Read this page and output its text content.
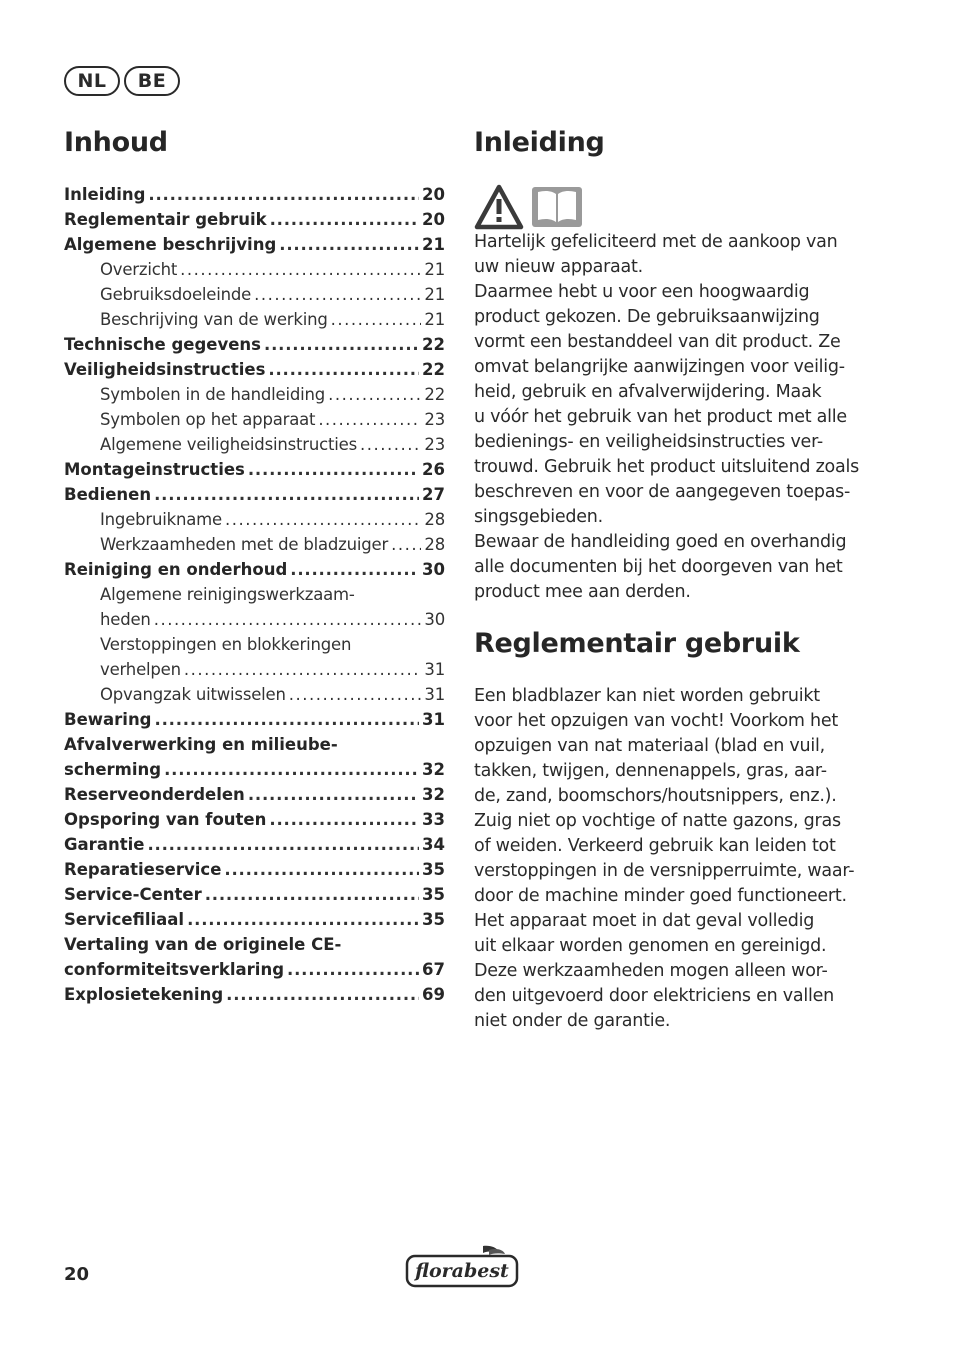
NL	BE
Inhoud
Inleiding .....	20
Reglementair gebruik .....	20
Algemene beschrijving .....	21
Overzicht .....	21
Gebruiksdoeleinde .....	21
Beschrijving van de werking .....	21
Technische gegevens .....	22
Veiligheidsinstructies .....	22
Symbolen in de handleiding .....	22
Symbolen op het apparaat .....	23
Algemene veiligheidsinstructies .....	23
Montageinstructies .....	26
Bedienen .....	27
Ingebruikname .....	28
Werkzaamheden met de bladzuiger ..... 28
Reiniging en onderhoud .....	30
Algemene reinigingswerkzaam-
heden .....	30
Verstoppingen en blokkeringen
verhelpen .....	31
Opvangzak uitwisselen .....	31
Bewaring .....	31
Afvalverwerking en milieube-
scherming .....	32
Reserveonderdelen .....	32
Opsporing van fouten .....	33
Garantie .....	34
Reparatieservice .....	35
Service-Center .....	35
Servicefiliaal .....	35
Vertaling van de originele CE-
conformiteitsverklaring .....	67
Explosietekening .....	69
Inleiding

Hartelijk gefeliciteerd met de aankoop van
uw nieuw apparaat.
Daarmee hebt u voor een hoogwaardig
product gekozen. De gebruiksaanwijzing
vormt een bestanddeel van dit product. Ze
omvat belangrijke aanwijzingen voor veilig-
heid, gebruik en afvalverwijdering. Maak
u vóór het gebruik van het product met alle
bedienings- en veiligheidsinstructies ver-
trouwd. Gebruik het product uitsluitend zoals
beschreven en voor de aangegeven toepas-
singsgebieden.
Bewaar de handleiding goed en overhandig
alle documenten bij het doorgeven van het
product mee aan derden.

Reglementair gebruik

Een bladblazer kan niet worden gebruikt
voor het opzuigen van vocht! Voorkom het
opzuigen van nat materiaal (blad en vuil,
takken, twijgen, dennenappels, gras, aar-
de, zand, boomschors/houtsnippers, enz.).
Zuig niet op vochtige of natte gazons, gras
of weiden. Verkeerd gebruik kan leiden tot
verstoppingen in de versnipperruimte, waar-
door de machine minder goed functioneert.
Het apparaat moet in dat geval volledig
uit elkaar worden genomen en gereinigd.
Deze werkzaamheden mogen alleen wor-
den uitgevoerd door elektriciens en vallen
niet onder de garantie.

20	florabest
